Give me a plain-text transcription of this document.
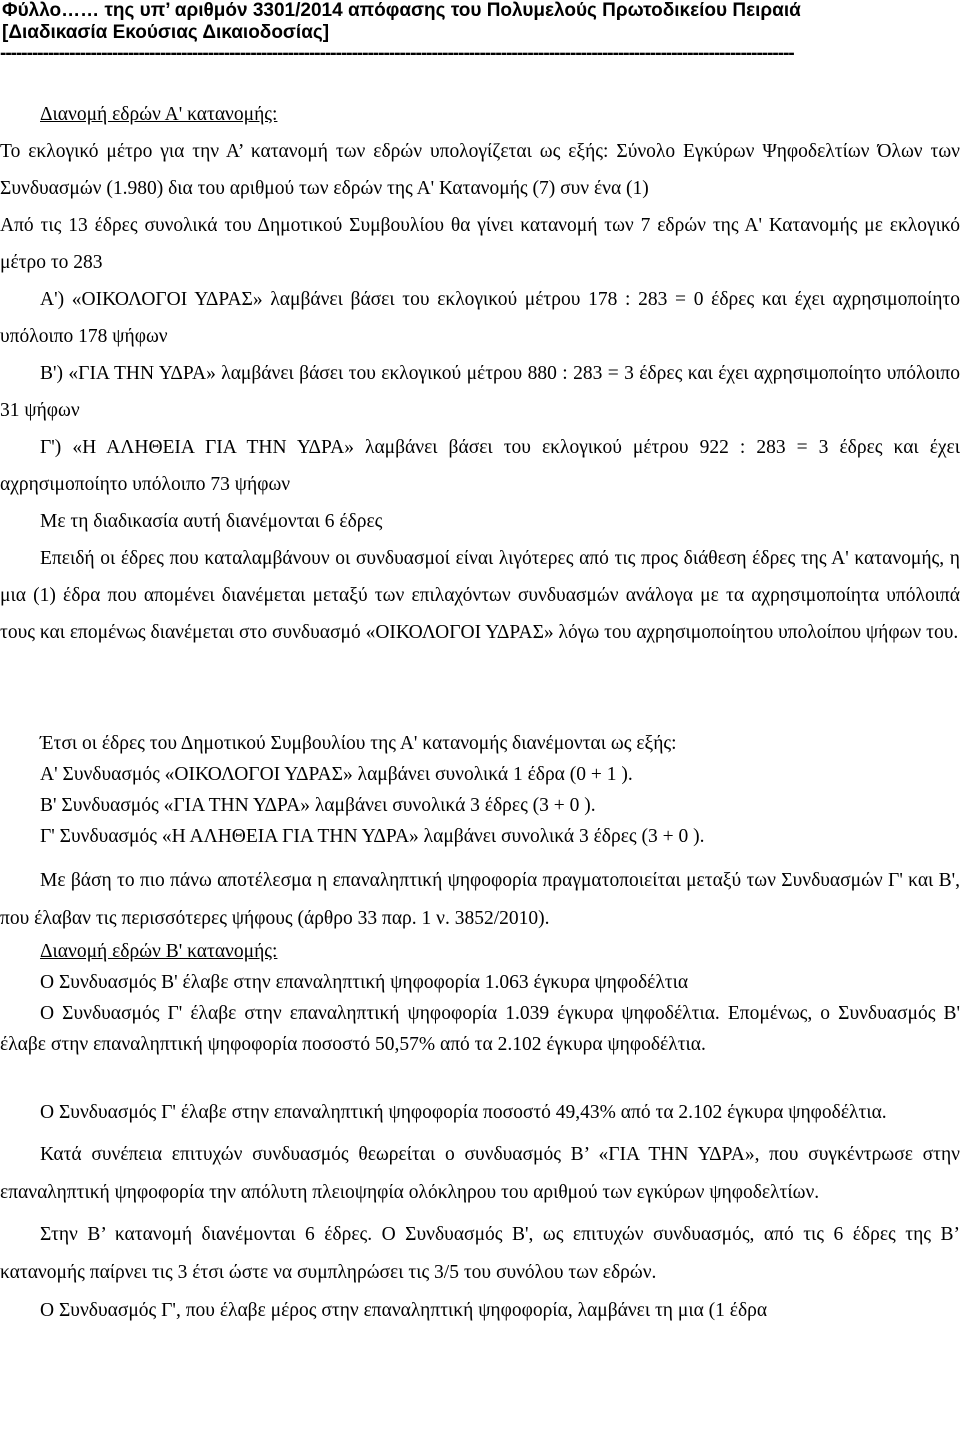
Φύλλο…… της υπ’ αριθμόν 3301/2014 απόφασης του Πολυμελούς Πρωτοδικείου Πειραιά
[Διαδικασία Εκούσιας Δικαιοδοσίας]
-----------------------------------------------------------------------------------------------------------------------------------------------------

Διανομή εδρών Α' κατανομής:

Το εκλογικό μέτρο για την Α’ κατανομή των εδρών υπολογίζεται ως εξής: Σύνολο Εγκύρων Ψηφοδελτίων Όλων των Συνδυασμών (1.980) δια του αριθμού των εδρών της Α' Κατανομής (7) συν ένα (1)

Από τις 13 έδρες συνολικά του Δημοτικού Συμβουλίου θα γίνει κατανομή των 7 εδρών της Α' Κατανομής με εκλογικό μέτρο το 283

Α') «ΟΙΚΟΛΟΓΟΙ ΥΔΡΑΣ» λαμβάνει βάσει του εκλογικού μέτρου 178 : 283 = 0 έδρες και έχει αχρησιμοποίητο υπόλοιπο 178 ψήφων

Β') «ΓΙΑ ΤΗΝ ΥΔΡΑ» λαμβάνει βάσει του εκλογικού μέτρου 880 : 283 = 3 έδρες και έχει αχρησιμοποίητο υπόλοιπο 31 ψήφων

Γ') «Η ΑΛΗΘΕΙΑ ΓΙΑ ΤΗΝ ΥΔΡΑ» λαμβάνει βάσει του εκλογικού μέτρου 922 : 283 = 3 έδρες και έχει αχρησιμοποίητο υπόλοιπο 73 ψήφων

Με τη διαδικασία αυτή διανέμονται 6 έδρες

Επειδή οι έδρες που καταλαμβάνουν οι συνδυασμοί είναι λιγότερες από τις προς διάθεση έδρες της Α' κατανομής, η μια (1) έδρα που απομένει διανέμεται μεταξύ των επιλαχόντων συνδυασμών ανάλογα με τα αχρησιμοποίητα υπόλοιπά τους και επομένως διανέμεται στο συνδυασμό «ΟΙΚΟΛΟΓΟΙ ΥΔΡΑΣ» λόγω του αχρησιμοποίητου υπολοίπου ψήφων του.

Έτσι οι έδρες του Δημοτικού Συμβουλίου της Α' κατανομής διανέμονται ως εξής:

Α' Συνδυασμός «ΟΙΚΟΛΟΓΟΙ ΥΔΡΑΣ» λαμβάνει συνολικά 1 έδρα (0 + 1 ).

Β' Συνδυασμός «ΓΙΑ ΤΗΝ ΥΔΡΑ» λαμβάνει συνολικά 3 έδρες (3 + 0 ).

Γ' Συνδυασμός «Η ΑΛΗΘΕΙΑ ΓΙΑ ΤΗΝ ΥΔΡΑ» λαμβάνει συνολικά 3 έδρες (3 + 0 ).

Με βάση το πιο πάνω αποτέλεσμα η επαναληπτική ψηφοφορία πραγματοποιείται μεταξύ των Συνδυασμών Γ' και Β', που έλαβαν τις περισσότερες ψήφους (άρθρο 33 παρ. 1 ν. 3852/2010).

Διανομή εδρών Β' κατανομής:

Ο Συνδυασμός Β' έλαβε στην επαναληπτική ψηφοφορία 1.063 έγκυρα ψηφοδέλτια

Ο Συνδυασμός Γ' έλαβε στην επαναληπτική ψηφοφορία 1.039 έγκυρα ψηφοδέλτια. Επομένως, ο Συνδυασμός Β' έλαβε στην επαναληπτική ψηφοφορία ποσοστό 50,57% από τα 2.102 έγκυρα ψηφοδέλτια.

Ο Συνδυασμός Γ' έλαβε στην επαναληπτική ψηφοφορία ποσοστό 49,43% από τα 2.102 έγκυρα ψηφοδέλτια.

Κατά συνέπεια επιτυχών συνδυασμός θεωρείται ο συνδυασμός Β’ «ΓΙΑ ΤΗΝ ΥΔΡΑ», που συγκέντρωσε στην επαναληπτική ψηφοφορία την απόλυτη πλειοψηφία ολόκληρου του αριθμού των εγκύρων ψηφοδελτίων.

Στην Β’ κατανομή διανέμονται 6 έδρες. Ο Συνδυασμός Β', ως επιτυχών συνδυασμός, από τις 6 έδρες της Β’ κατανομής παίρνει τις 3 έτσι ώστε να συμπληρώσει τις 3/5 του συνόλου των εδρών.

Ο Συνδυασμός Γ', που έλαβε μέρος στην επαναληπτική ψηφοφορία, λαμβάνει τη μια (1 έδρα
